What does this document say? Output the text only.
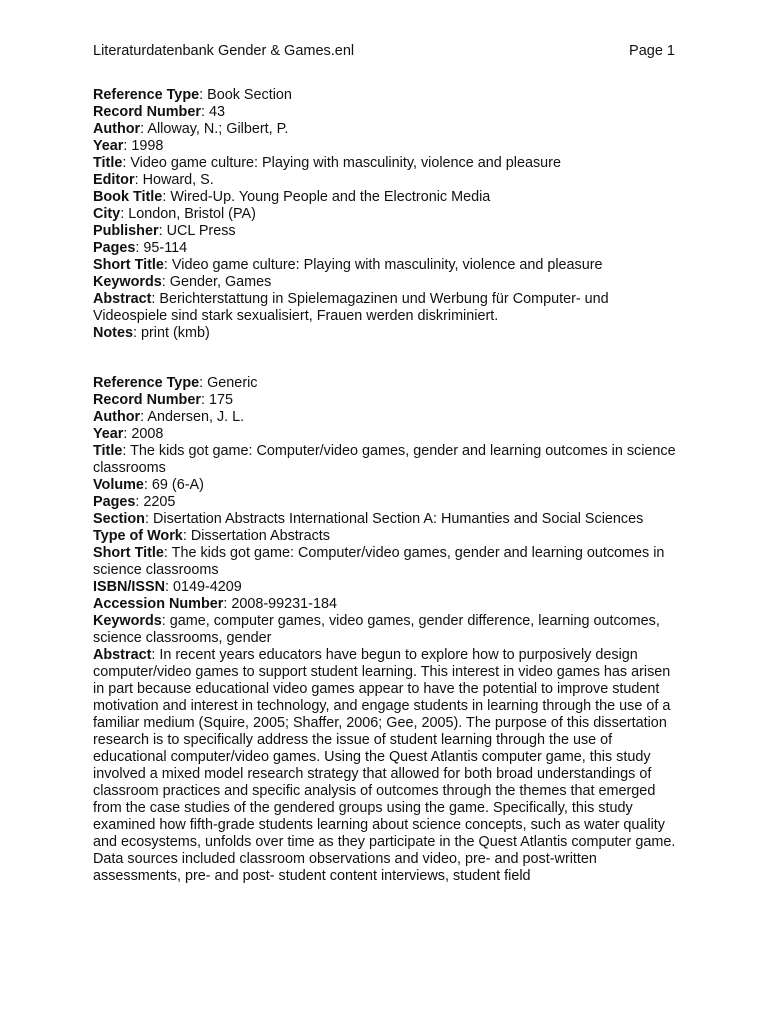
Literaturdatenbank Gender & Games.enl	Page 1
Reference Type: Book Section
Record Number: 43
Author: Alloway, N.; Gilbert, P.
Year: 1998
Title: Video game culture: Playing with masculinity, violence and pleasure
Editor: Howard, S.
Book Title: Wired-Up. Young People and the Electronic Media
City: London, Bristol (PA)
Publisher: UCL Press
Pages: 95-114
Short Title: Video game culture: Playing with masculinity, violence and pleasure
Keywords: Gender, Games
Abstract: Berichterstattung in Spielemagazinen und Werbung für Computer- und Videospiele sind stark sexualisiert, Frauen werden diskriminiert.
Notes: print (kmb)
Reference Type: Generic
Record Number: 175
Author: Andersen, J. L.
Year: 2008
Title: The kids got game: Computer/video games, gender and learning outcomes in science classrooms
Volume: 69 (6-A)
Pages: 2205
Section: Disertation Abstracts International Section A: Humanties and Social Sciences
Type of Work: Dissertation Abstracts
Short Title: The kids got game: Computer/video games, gender and learning outcomes in science classrooms
ISBN/ISSN: 0149-4209
Accession Number: 2008-99231-184
Keywords: game, computer games, video games, gender difference, learning outcomes, science classrooms, gender
Abstract: In recent years educators have begun to explore how to purposively design computer/video games to support student learning. This interest in video games has arisen in part because educational video games appear to have the potential to improve student motivation and interest in technology, and engage students in learning through the use of a familiar medium (Squire, 2005; Shaffer, 2006; Gee, 2005). The purpose of this dissertation research is to specifically address the issue of student learning through the use of educational computer/video games. Using the Quest Atlantis computer game, this study involved a mixed model research strategy that allowed for both broad understandings of classroom practices and specific analysis of outcomes through the themes that emerged from the case studies of the gendered groups using the game. Specifically, this study examined how fifth-grade students learning about science concepts, such as water quality and ecosystems, unfolds over time as they participate in the Quest Atlantis computer game. Data sources included classroom observations and video, pre- and post-written assessments, pre- and post- student content interviews, student field
